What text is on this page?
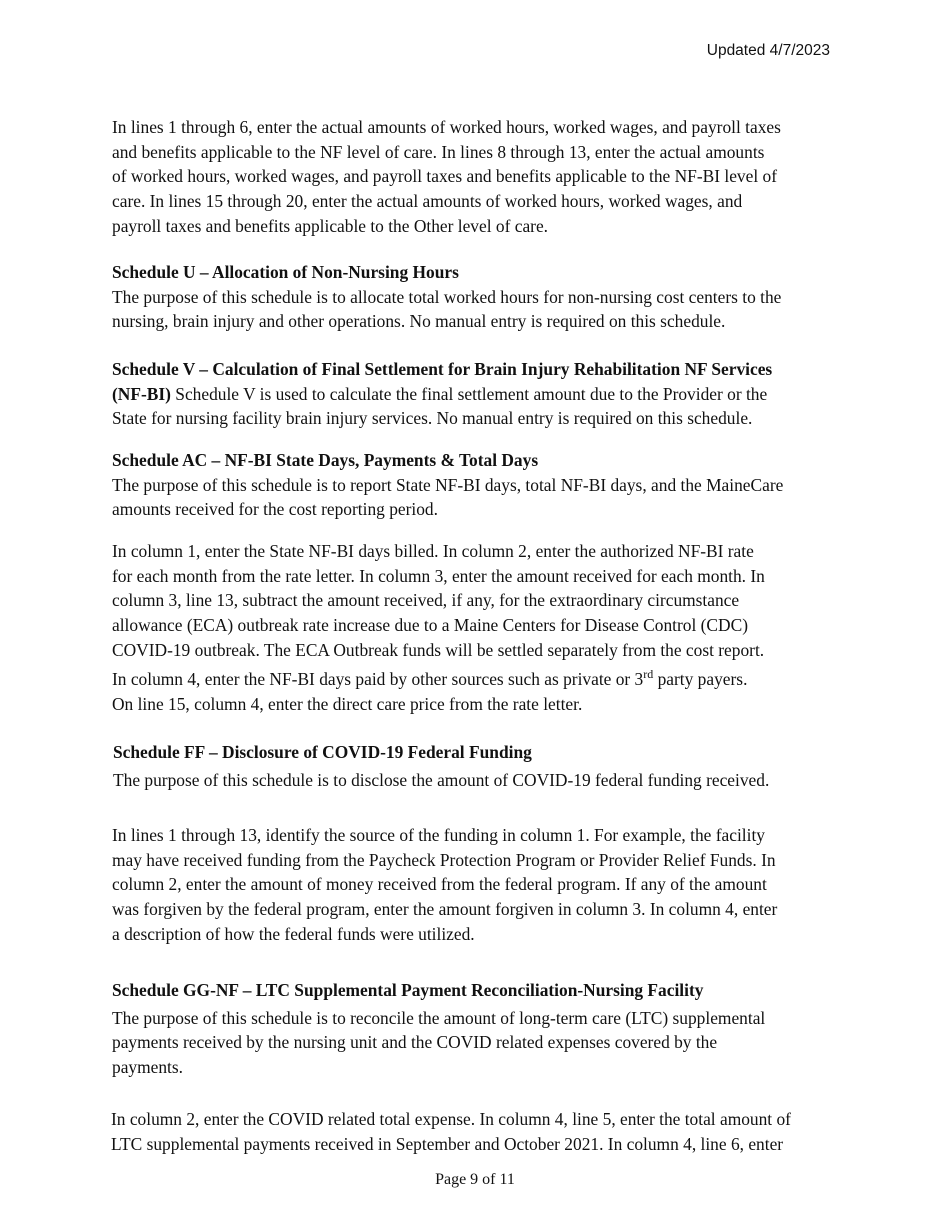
Updated 4/7/2023

In lines 1 through 6, enter the actual amounts of worked hours, worked wages, and payroll taxes
and benefits applicable to the NF level of care. In lines 8 through 13, enter the actual amounts
of worked hours, worked wages, and payroll taxes and benefits applicable to the NF-BI level of
care. In lines 15 through 20, enter the actual amounts of worked hours, worked wages, and
payroll taxes and benefits applicable to the Other level of care.

Schedule U – Allocation of Non-Nursing Hours
The purpose of this schedule is to allocate total worked hours for non-nursing cost centers to the
nursing, brain injury and other operations. No manual entry is required on this schedule.

Schedule V – Calculation of Final Settlement for Brain Injury Rehabilitation NF Services
(NF-BI) Schedule V is used to calculate the final settlement amount due to the Provider or the
State for nursing facility brain injury services. No manual entry is required on this schedule.

Schedule AC – NF-BI State Days, Payments & Total Days
The purpose of this schedule is to report State NF-BI days, total NF-BI days, and the MaineCare
amounts received for the cost reporting period.

In column 1, enter the State NF-BI days billed. In column 2, enter the authorized NF-BI rate
for each month from the rate letter. In column 3, enter the amount received for each month. In
column 3, line 13, subtract the amount received, if any, for the extraordinary circumstance
allowance (ECA) outbreak rate increase due to a Maine Centers for Disease Control (CDC)
COVID-19 outbreak. The ECA Outbreak funds will be settled separately from the cost report.

In column 4, enter the NF-BI days paid by other sources such as private or 3rd party payers.
On line 15, column 4, enter the direct care price from the rate letter.

Schedule FF – Disclosure of COVID-19 Federal Funding
The purpose of this schedule is to disclose the amount of COVID-19 federal funding received.

In lines 1 through 13, identify the source of the funding in column 1. For example, the facility
may have received funding from the Paycheck Protection Program or Provider Relief Funds. In
column 2, enter the amount of money received from the federal program. If any of the amount
was forgiven by the federal program, enter the amount forgiven in column 3. In column 4, enter
a description of how the federal funds were utilized.

Schedule GG-NF – LTC Supplemental Payment Reconciliation-Nursing Facility
The purpose of this schedule is to reconcile the amount of long-term care (LTC) supplemental
payments received by the nursing unit and the COVID related expenses covered by the
payments.

In column 2, enter the COVID related total expense. In column 4, line 5, enter the total amount of
LTC supplemental payments received in September and October 2021. In column 4, line 6, enter

Page 9 of 11
